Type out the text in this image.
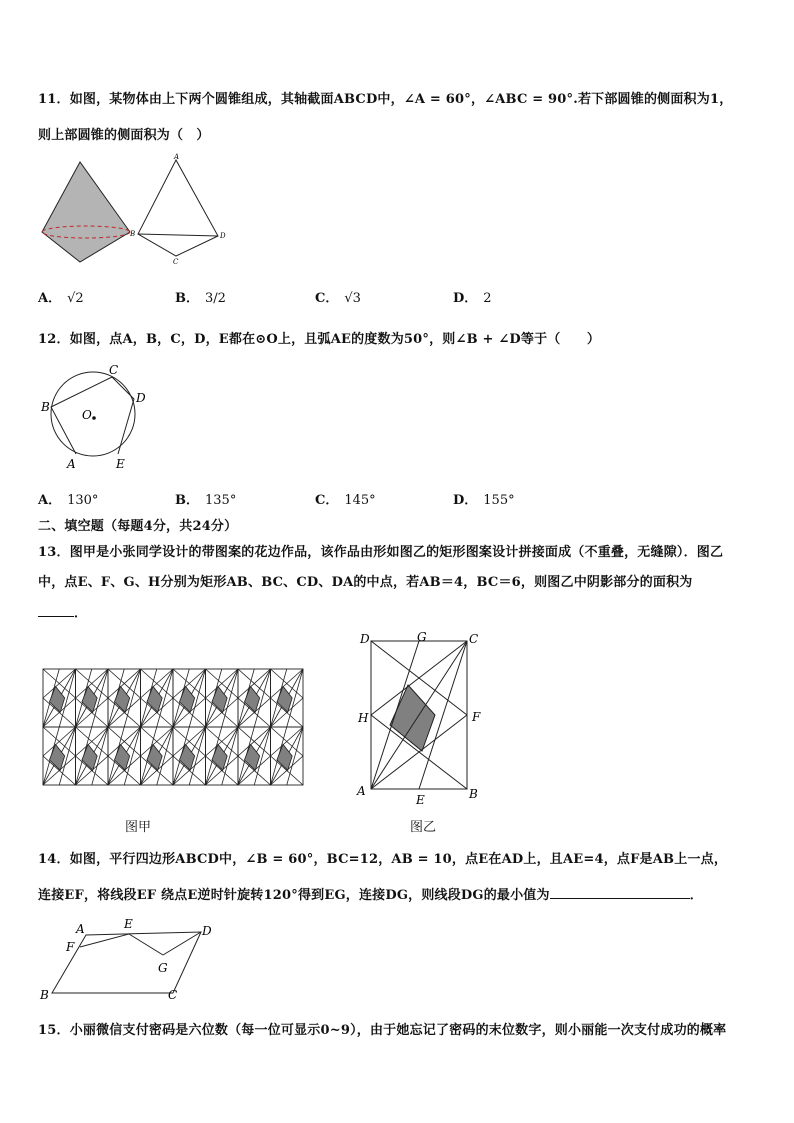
11．如图，某物体由上下两个圆锥组成，其轴截面ABCD中，∠A = 60°，∠ABC = 90°.若下部圆锥的侧面积为1，
则上部圆锥的侧面积为（　）
A
B
C
D
A． √2	B． 3/2	C． √3	D． 2
12．如图，点A，B，C，D，E都在⊙O上，且弧AE的度数为50°，则∠B + ∠D等于（　　）
C
D
B
O
A	E
A． 130°	B． 135°	C． 145°	D． 155°
二、填空题（每题4分，共24分）
13．图甲是小张同学设计的带图案的花边作品，该作品由形如图乙的矩形图案设计拼接面成（不重叠，无缝隙）．图乙
中，点E、F、G、H分别为矩形AB、BC、CD、DA的中点，若AB＝4，BC＝6，则图乙中阴影部分的面积为
．
图甲
D	G	C
H	F
A
E	B
图乙
14．如图，平行四边形ABCD中，∠B = 60°，BC=12，AB = 10，点E在AD上，且AE=4，点F是AB上一点，
连接EF，将线段EF 绕点E逆时针旋转120°得到EG，连接DG，则线段DG的最小值为	．
A	E	D
F
G
B	C
15．小丽微信支付密码是六位数（每一位可显示0~9），由于她忘记了密码的末位数字，则小丽能一次支付成功的概率
